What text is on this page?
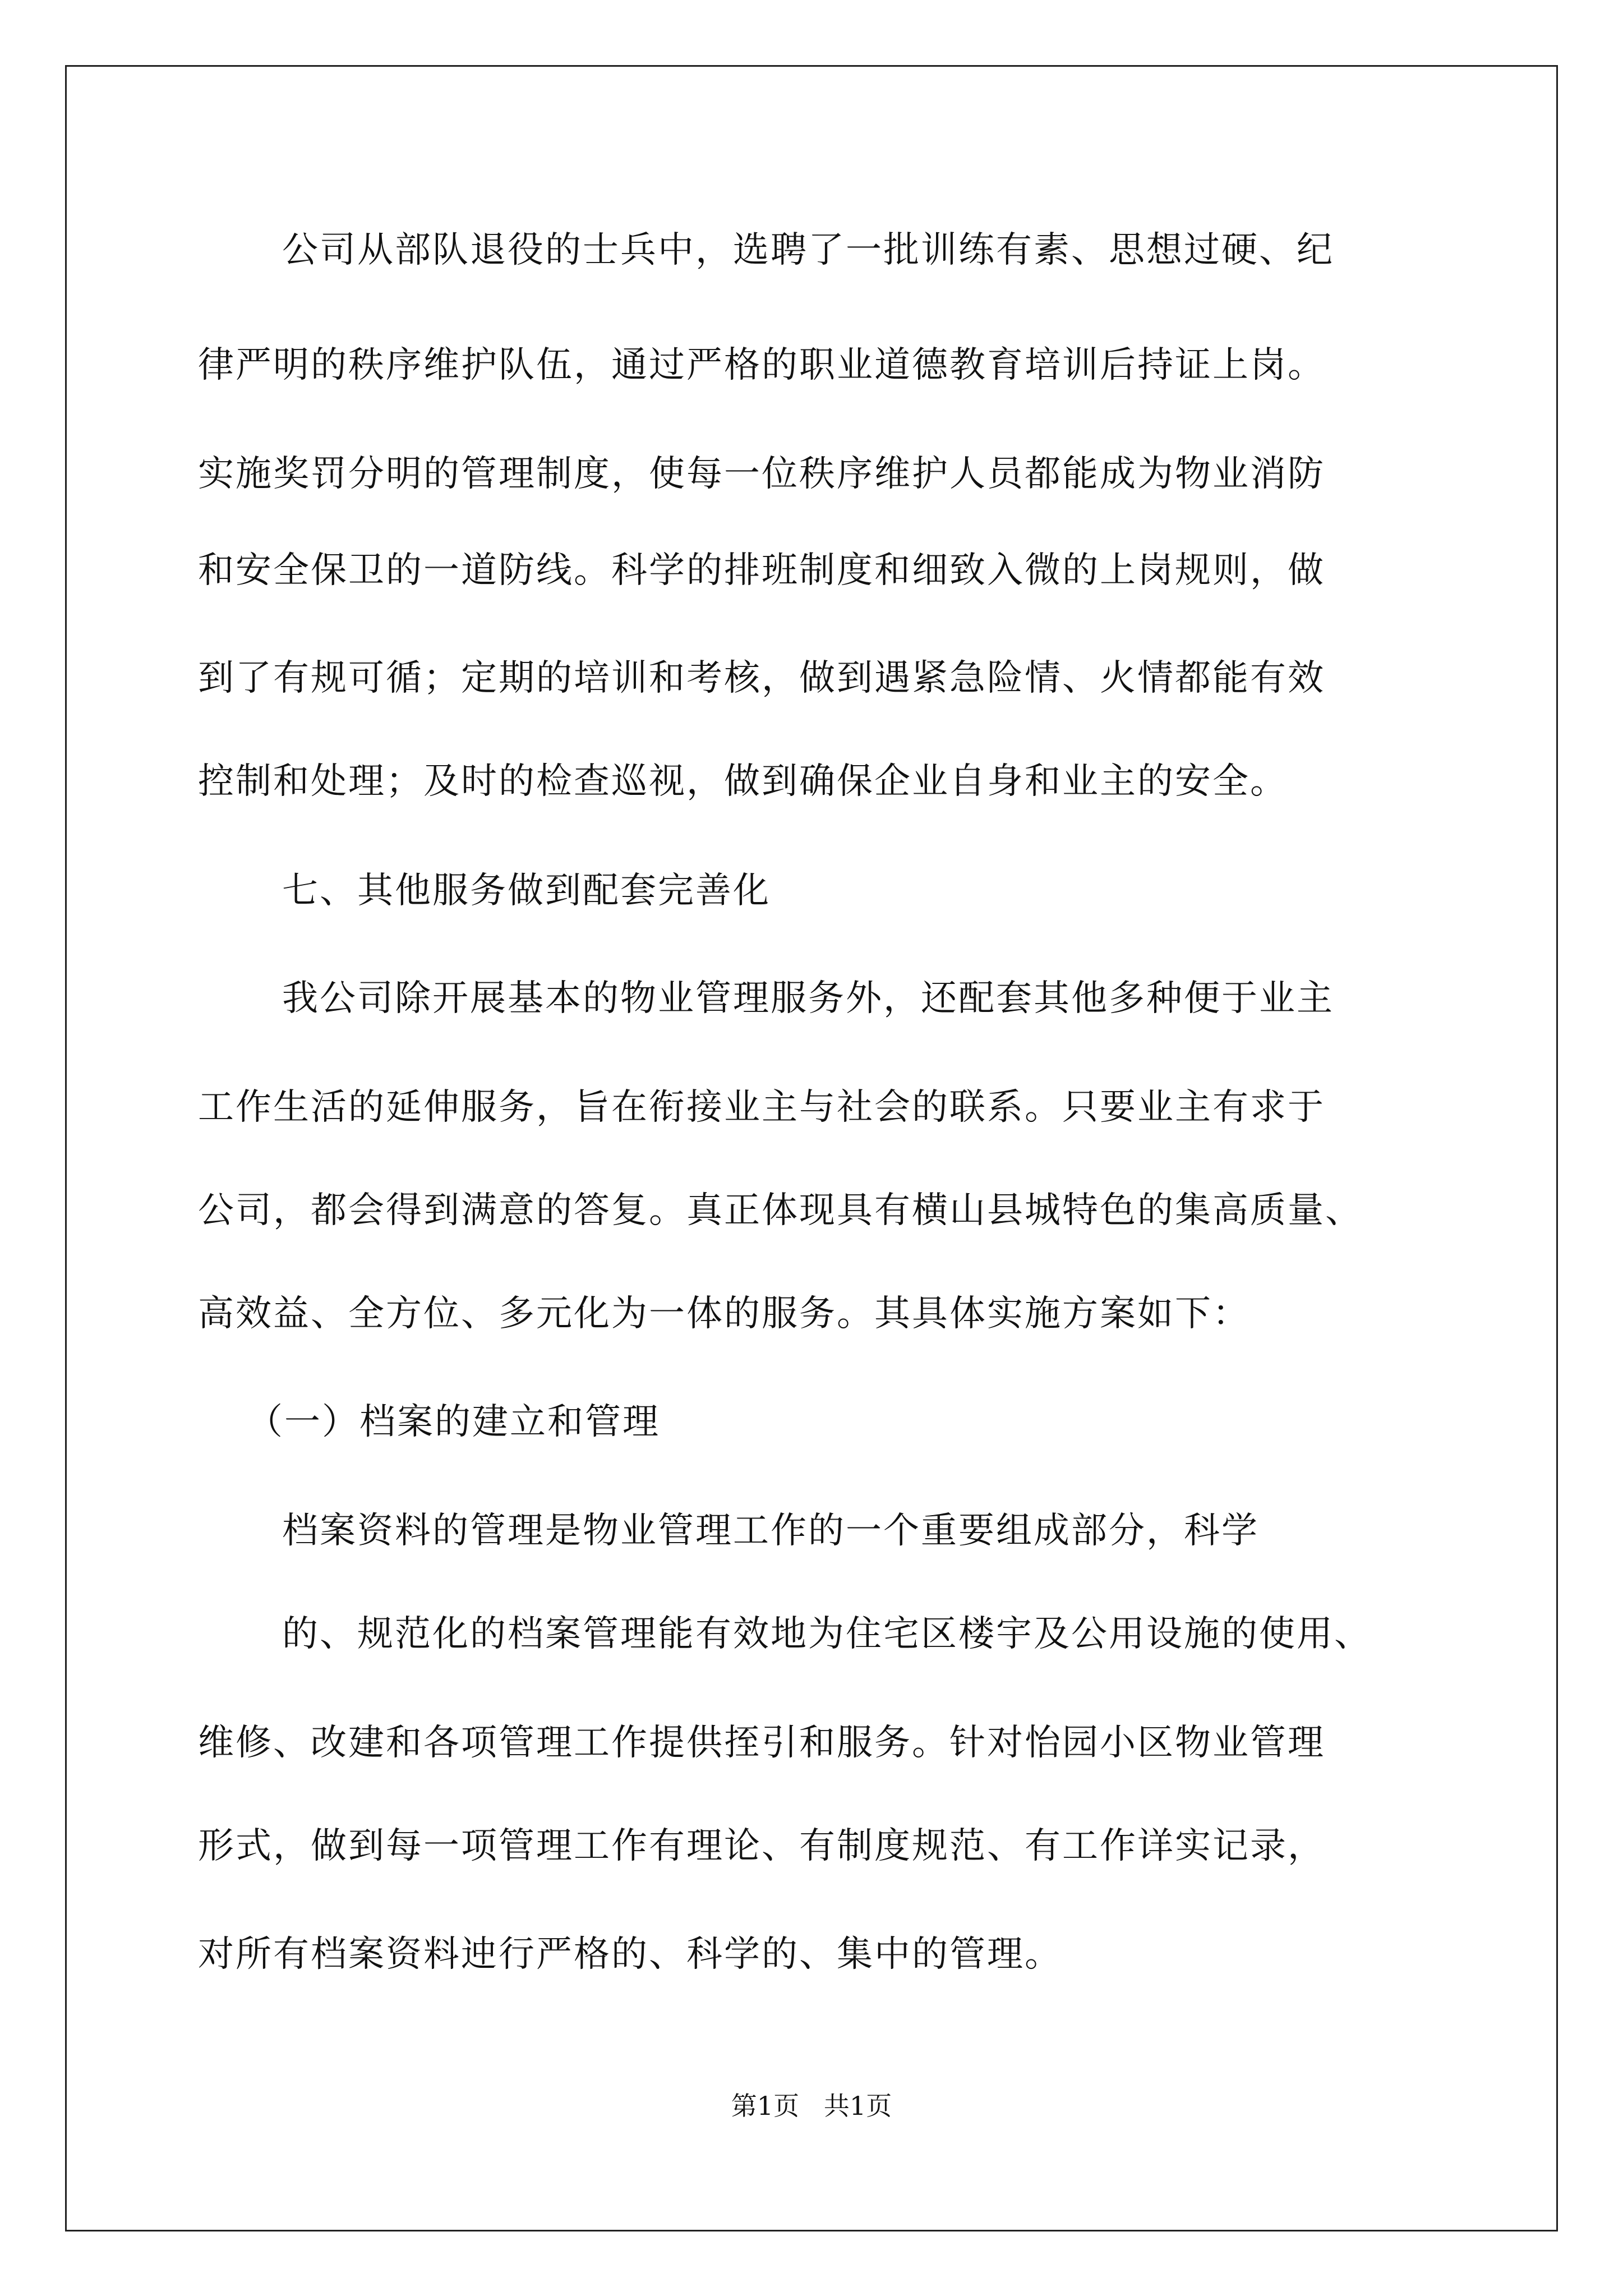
公司从部队退役的士兵中，选聘了一批训练有素、思想过硬、纪
律严明的秩序维护队伍，通过严格的职业道德教育培训后持证上岗。
实施奖罚分明的管理制度，使每一位秩序维护人员都能成为物业消防
和安全保卫的一道防线。科学的排班制度和细致入微的上岗规则，做
到了有规可循；定期的培训和考核，做到遇紧急险情、火情都能有效
控制和处理；及时的检查巡视，做到确保企业自身和业主的安全。
七、其他服务做到配套完善化
我公司除开展基本的物业管理服务外，还配套其他多种便于业主
工作生活的延伸服务，旨在衔接业主与社会的联系。只要业主有求于
公司，都会得到满意的答复。真正体现具有横山县城特色的集高质量、
高效益、全方位、多元化为一体的服务。其具体实施方案如下：
（一）档案的建立和管理
档案资料的管理是物业管理工作的一个重要组成部分，科学
的、规范化的档案管理能有效地为住宅区楼宇及公用设施的使用、
维修、改建和各项管理工作提供挃引和服务。针对怡园小区物业管理
形式，做到每一项管理工作有理论、有制度规范、有工作详实记录，
对所有档案资料迚行严格的、科学的、集中的管理。
第1页   共1页
